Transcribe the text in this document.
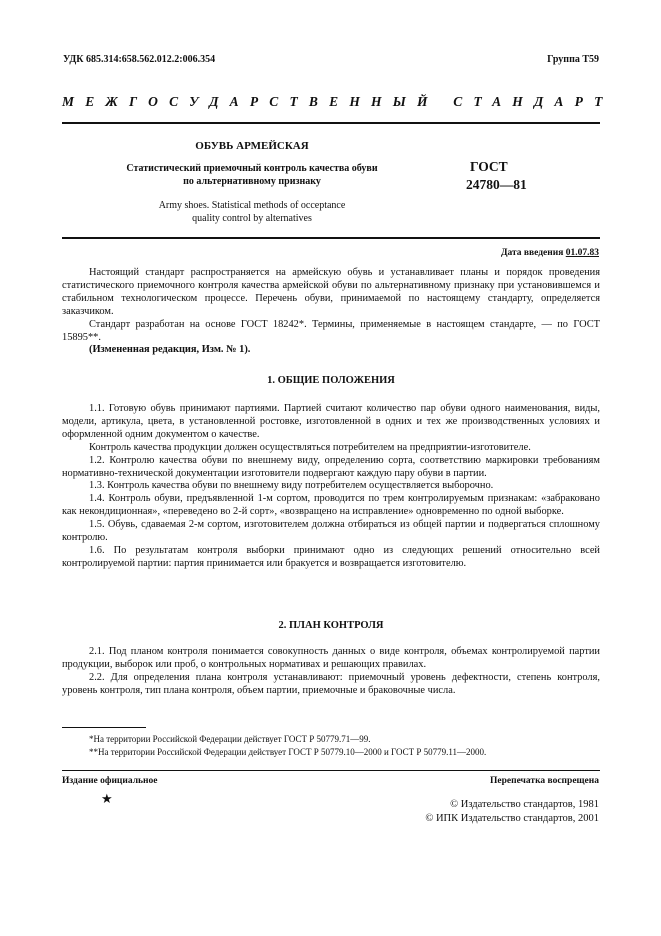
УДК 685.314:658.562.012.2:006.354	Группа Т59
МЕЖГОСУДАРСТВЕННЫЙ СТАНДАРТ
ОБУВЬ АРМЕЙСКАЯ
Статистический приемочный контроль качества обуви
по альтернативному признаку
Army shoes. Statistical methods of occeptance
quality control by alternatives
ГОСТ
24780—81
Дата введения 01.07.83

Настоящий стандарт распространяется на армейскую обувь и устанавливает планы и порядок проведения статистического приемочного контроля качества армейской обуви по альтернативному признаку при установившемся и стабильном технологическом процессе. Перечень обуви, принимаемой по настоящему стандарту, определяется заказчиком.

Стандарт разработан на основе ГОСТ 18242*. Термины, применяемые в настоящем стандарте, — по ГОСТ 15895**.

(Измененная редакция, Изм. № 1).

1. ОБЩИЕ ПОЛОЖЕНИЯ

1.1. Готовую обувь принимают партиями. Партией считают количество пар обуви одного наименования, виды, модели, артикула, цвета, в установленной ростовке, изготовленной в одних и тех же производственных условиях и оформленной одним документом о качестве.

Контроль качества продукции должен осуществляться потребителем на предприятии-изготовителе.

1.2. Контролю качества обуви по внешнему виду, определению сорта, соответствию маркировки требованиям нормативно-технической документации изготовители подвергают каждую пару обуви в партии.

1.3. Контроль качества обуви по внешнему виду потребителем осуществляется выборочно.

1.4. Контроль обуви, предъявленной 1-м сортом, проводится по трем контролируемым признакам: «забраковано как некондиционная», «переведено во 2-й сорт», «возвращено на исправление» одновременно по одной выборке.

1.5. Обувь, сдаваемая 2-м сортом, изготовителем должна отбираться из общей партии и подвергаться сплошному контролю.

1.6. По результатам контроля выборки принимают одно из следующих решений относительно всей контролируемой партии: партия принимается или бракуется и возвращается изготовителю.

2. ПЛАН КОНТРОЛЯ

2.1. Под планом контроля понимается совокупность данных о виде контроля, объемах контролируемой партии продукции, выборок или проб, о контрольных нормативах и решающих правилах.

2.2. Для определения плана контроля устанавливают: приемочный уровень дефектности, степень контроля, уровень контроля, тип плана контроля, объем партии, приемочные и браковочные числа.

*На территории Российской Федерации действует ГОСТ Р 50779.71—99.

**На территории Российской Федерации действует ГОСТ Р 50779.10—2000 и ГОСТ Р 50779.11—2000.

Издание официальное	Перепечатка воспрещена
★	© Издательство стандартов, 1981
© ИПК Издательство стандартов, 2001
